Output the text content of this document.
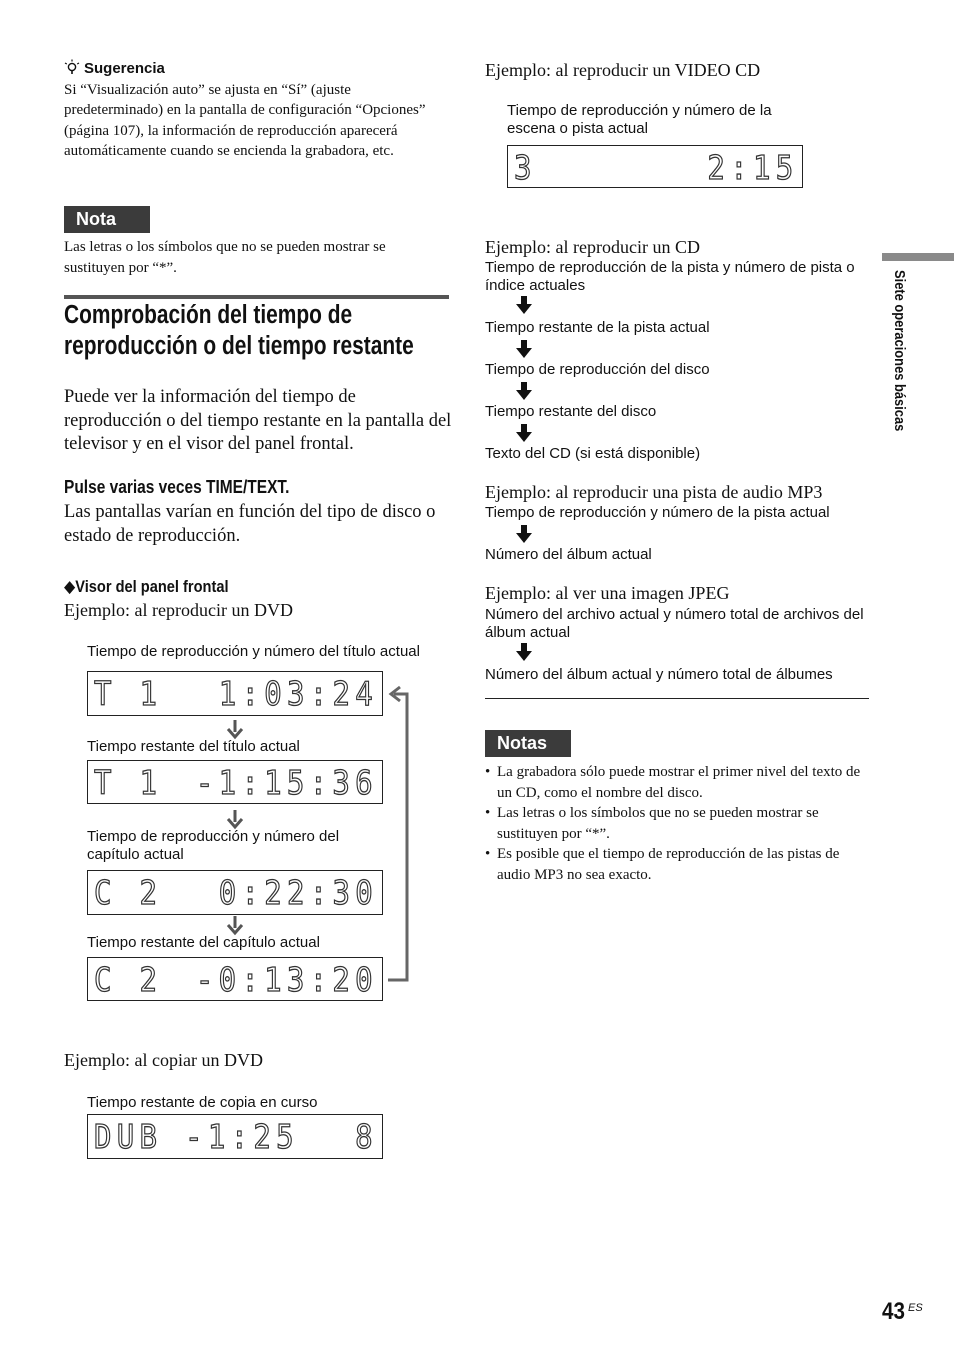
Sugerencia
Si “Visualización auto” se ajusta en “Sí” (ajuste predeterminado) en la pantalla de configuración “Opciones” (página 107), la información de reproducción aparecerá automáticamente cuando se encienda la grabadora, etc.
Nota
Las letras o los símbolos que no se pueden mostrar se sustituyen por “*”.
Comprobación del tiempo de reproducción o del tiempo restante
Puede ver la información del tiempo de reproducción o del tiempo restante en la pantalla del televisor y en el visor del panel frontal.
Pulse varias veces TIME/TEXT.
Las pantallas varían en función del tipo de disco o estado de reproducción.
◆Visor del panel frontal
Ejemplo: al reproducir un DVD
Tiempo de reproducción y número del título actual
T 1 1:03:24
Tiempo restante del título actual
T 1 -1:15:36
Tiempo de reproducción y número del capítulo actual
C 2 0:22:30
Tiempo restante del capítulo actual
C 2 -0:13:20
Ejemplo: al copiar un DVD
Tiempo restante de copia en curso
DUB -1:25 8
Ejemplo: al reproducir un VIDEO CD
Tiempo de reproducción y número de la escena o pista actual
3	2:15
Ejemplo: al reproducir un CD
Tiempo de reproducción de la pista y número de pista o índice actuales
Tiempo restante de la pista actual
Tiempo de reproducción del disco
Tiempo restante del disco
Texto del CD (si está disponible)
Ejemplo: al reproducir una pista de audio MP3
Tiempo de reproducción y número de la pista actual
Número del álbum actual
Ejemplo: al ver una imagen JPEG
Número del archivo actual y número total de archivos del álbum actual
Número del álbum actual y número total de álbumes
Notas
• La grabadora sólo puede mostrar el primer nivel del texto de un CD, como el nombre del disco.
• Las letras o los símbolos que no se pueden mostrar se sustituyen por “*”.
• Es posible que el tiempo de reproducción de las pistas de audio MP3 no sea exacto.
Siete operaciones básicas
43 ES
